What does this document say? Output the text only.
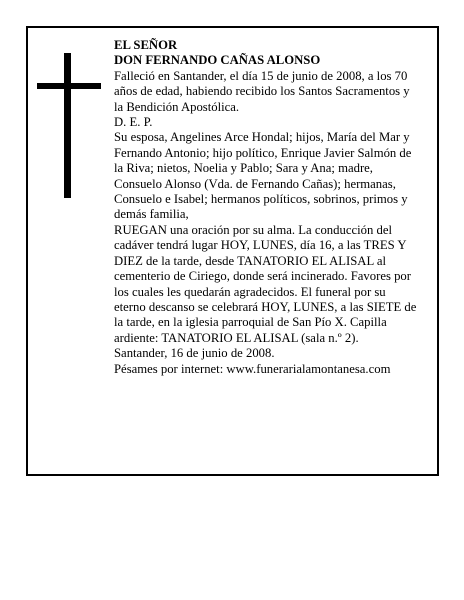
EL SEÑOR

DON FERNANDO CAÑAS ALONSO

Falleció en Santander, el día 15 de junio de 2008, a los 70 años de edad, habiendo recibido los Santos Sacramentos y la Bendición Apostólica.

D. E. P.

Su esposa, Angelines Arce Hondal; hijos, María del Mar y Fernando Antonio; hijo político, Enrique Javier Salmón de la Riva; nietos, Noelia y Pablo; Sara y Ana; madre, Consuelo Alonso (Vda. de Fernando Cañas); hermanas, Consuelo e Isabel; hermanos políticos, sobrinos, primos y demás familia,

RUEGAN una oración por su alma. La conducción del cadáver tendrá lugar HOY, LUNES, día 16, a las TRES Y DIEZ de la tarde, desde TANATORIO EL ALISAL al cementerio de Ciriego, donde será incinerado. Favores por los cuales les quedarán agradecidos. El funeral por su eterno descanso se celebrará HOY, LUNES, a las SIETE de la tarde, en la iglesia parroquial de San Pío X. Capilla ardiente: TANATORIO EL ALISAL (sala n.º 2).

Santander, 16 de junio de 2008.

Pésames por internet: www.funerarialamontanesa.com
